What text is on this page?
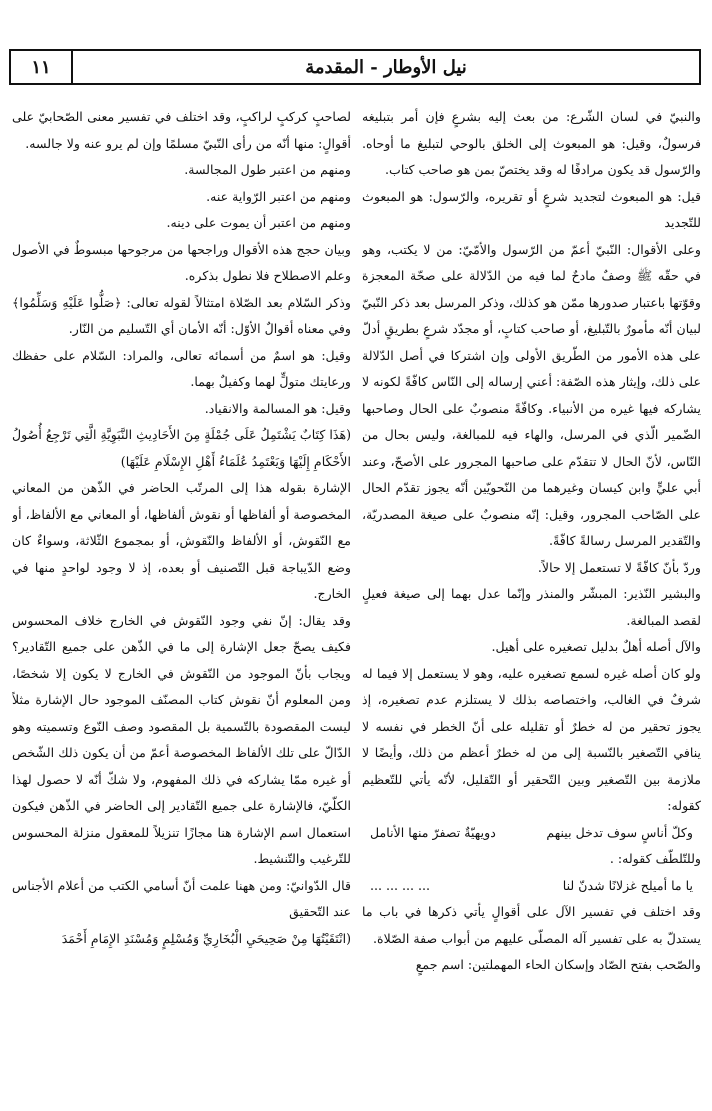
نيل الأوطار - المقدمة
١١

والنبيّ في لسان الشّرع: من بعث إليه بشرعٍ فإن أمر بتبليغه فرسولٌ، وقيل: هو المبعوث إلى الخلق بالوحي لتبليغ ما أوحاه. والرّسول قد يكون مرادفًا له وقد يختصّ بمن هو صاحب كتاب.

قيل: هو المبعوث لتجديد شرعٍ أو تقريره، والرّسول: هو المبعوث للتّجديد

وعلى الأقوال: النّبيّ أعمّ من الرّسول والأمّيّ: من لا يكتب، وهو في حقّه ﷺ وصفٌ مادحٌ لما فيه من الدّلالة على صحّة المعجزة وقوّتها باعتبار صدورها ممّن هو كذلك، وذكر المرسل بعد ذكر النّبيّ لبيان أنّه مأمورٌ بالتّبليغ، أو صاحب كتابٍ، أو مجدّد شرعٍ بطريقٍ أدلّ على هذه الأمور من الطّريق الأولى وإن اشتركا في أصل الدّلالة على ذلك، وإيثار هذه الصّفة: أعني إرساله إلى النّاس كافّةً لكونه لا يشاركه فيها غيره من الأنبياء. وكافّةً منصوبٌ على الحال وصاحبها الضّمير الّذي في المرسل، والهاء فيه للمبالغة، وليس بحال من النّاس، لأنّ الحال لا تتقدّم على صاحبها المجرور على الأصحّ، وعند أبي عليٍّ وابن كيسان وغيرهما من النّحويّين أنّه يجوز تقدّم الحال على الصّاحب المجرور، وقيل: إنّه منصوبٌ على صيغة المصدريّة، والتّقدير المرسل رسالةً كافّةً.

وردّ بأنّ كافّةً لا تستعمل إلا حالاً.

والبشير النّذير: المبشّر والمنذر وإنّما عدل بهما إلى صيغة فعيلٍ لقصد المبالغة.

والآل أصله أهلٌ بدليل تصغيره على أهيل.

ولو كان أصله غيره لسمع تصغيره عليه، وهو لا يستعمل إلا فيما له شرفٌ في الغالب، واختصاصه بذلك لا يستلزم عدم تصغيره، إذ يجوز تحقير من له خطرٌ أو تقليله على أنّ الخطر في نفسه لا ينافي التّصغير بالنّسبة إلى من له خطرٌ أعظم من ذلك، وأيضًا لا ملازمة بين التّصغير وبين التّحقير أو التّقليل، لأنّه يأتي للتّعظيم كقوله:

وكلّ أناسٍ سوف تدخل بينهم
دويهيّةٌ تصفرّ منها الأنامل

وللتّلطّف كقوله: .

يا ما أميلح غزلانًا شدنّ لنا
... ... ... ...

وقد اختلف في تفسير الآل على أقوالٍ يأتي ذكرها في باب ما يستدلّ به على تفسير آله المصلّى عليهم من أبواب صفة الصّلاة.

والصّحب بفتح الصّاد وإسكان الحاء المهملتين: اسم جمعٍ

لصاحبٍ كركبٍ لراكبٍ، وقد اختلف في تفسير معنى الصّحابيّ على أقوالٍ: منها أنّه من رأى النّبيّ مسلمًا وإن لم يرو عنه ولا جالسه.

ومنهم من اعتبر طول المجالسة.

ومنهم من اعتبر الرّواية عنه.

ومنهم من اعتبر أن يموت على دينه.

وبيان حجج هذه الأقوال وراجحها من مرجوحها مبسوطٌ في الأصول وعلم الاصطلاح فلا نطول بذكره.

وذكر السّلام بعد الصّلاة امتثالاً لقوله تعالى: ﴿صَلُّوا عَلَيْهِ وَسَلِّمُوا﴾ وفي معناه أقوالٌ الأوّل: أنّه الأمان أي التّسليم من النّار.

وقيل: هو اسمٌ من أسمائه تعالى، والمراد: السّلام على حفظك ورعايتك متولٍّ لهما وكفيلٌ بهما.

وقيل: هو المسالمة والانقياد.

(هَذَا كِتَابٌ يَشْتَمِلُ عَلَى جُمْلَةٍ مِنَ الأَحَادِيثِ النَّبَوِيَّةِ الَّتِي تَرْجِعُ أُصُولُ الأَحْكَامِ إِلَيْهَا وَيَعْتَمِدُ عُلَمَاءُ أَهْلِ الإِسْلَامِ عَلَيْهَا)

الإشارة بقوله هذا إلى المرتّب الحاضر في الذّهن من المعاني المخصوصة أو ألفاظها أو نقوش ألفاظها، أو المعاني مع الألفاظ، أو مع النّقوش، أو الألفاظ والنّقوش، أو بمجموع الثّلاثة، وسواءٌ كان وضع الدّيباجة قبل التّصنيف أو بعده، إذ لا وجود لواحدٍ منها في الخارج.

وقد يقال: إنّ نفي وجود النّقوش في الخارج خلاف المحسوس فكيف يصحّ جعل الإشارة إلى ما في الذّهن على جميع التّقادير؟ ويجاب بأنّ الموجود من النّقوش في الخارج لا يكون إلا شخصًا، ومن المعلوم أنّ نقوش كتاب المصنّف الموجود حال الإشارة مثلاً ليست المقصودة بالتّسمية بل المقصود وصف النّوع وتسميته وهو الدّالّ على تلك الألفاظ المخصوصة أعمّ من أن يكون ذلك الشّخص أو غيره ممّا يشاركه في ذلك المفهوم، ولا شكّ أنّه لا حصول لهذا الكلّيّ، فالإشارة على جميع التّقادير إلى الحاضر في الذّهن فيكون استعمال اسم الإشارة هنا مجازًا تنزيلاً للمعقول منزلة المحسوس للتّرغيب والتّنشيط.

قال الدّوانيّ: ومن ههنا علمت أنّ أسامي الكتب من أعلام الأجناس عند التّحقيق

(انْتَقَيْتُهَا مِنْ صَحِيحَيِ الْبُخَارِيِّ وَمُسْلِمٍ وَمُسْنَدِ الإِمَامِ أَحْمَدَ
